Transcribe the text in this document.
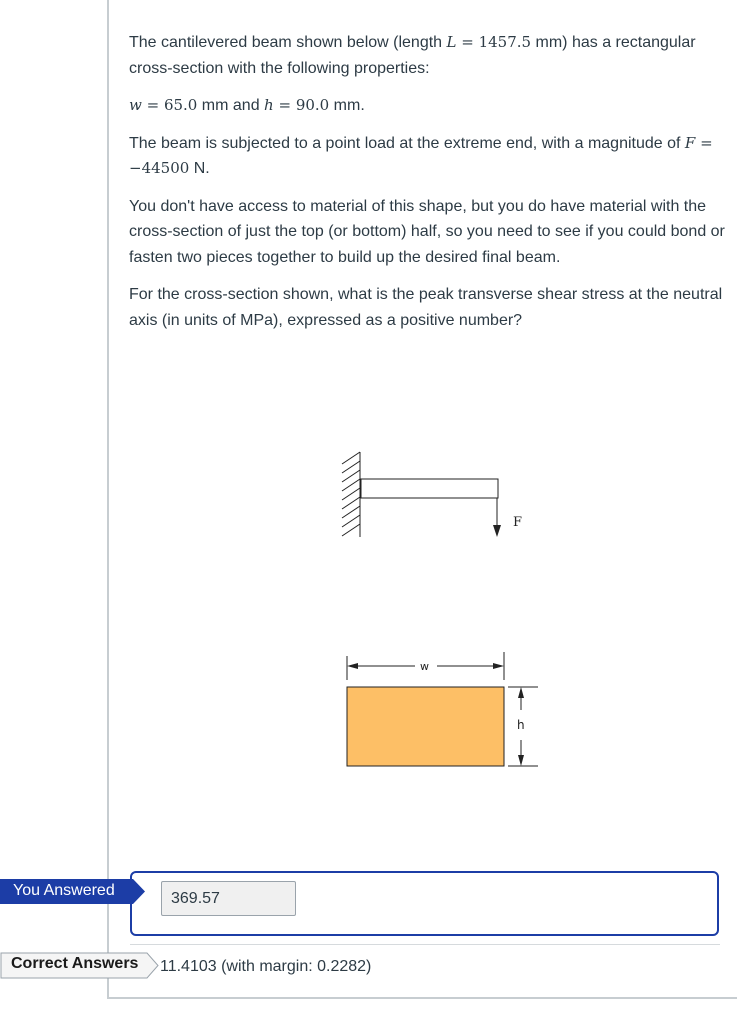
The cantilevered beam shown below (length L = 1457.5 mm) has a rectangular cross-section with the following properties:

w = 65.0 mm and h = 90.0 mm.

The beam is subjected to a point load at the extreme end, with a magnitude of F = −44500 N.

You don't have access to material of this shape, but you do have material with the cross-section of just the top (or bottom) half, so you need to see if you could bond or fasten two pieces together to build up the desired final beam.

For the cross-section shown, what is the peak transverse shear stress at the neutral axis (in units of MPa), expressed as a positive number?

F
w
h
You Answered	369.57
Correct Answers 11.4103 (with margin: 0.2282)
